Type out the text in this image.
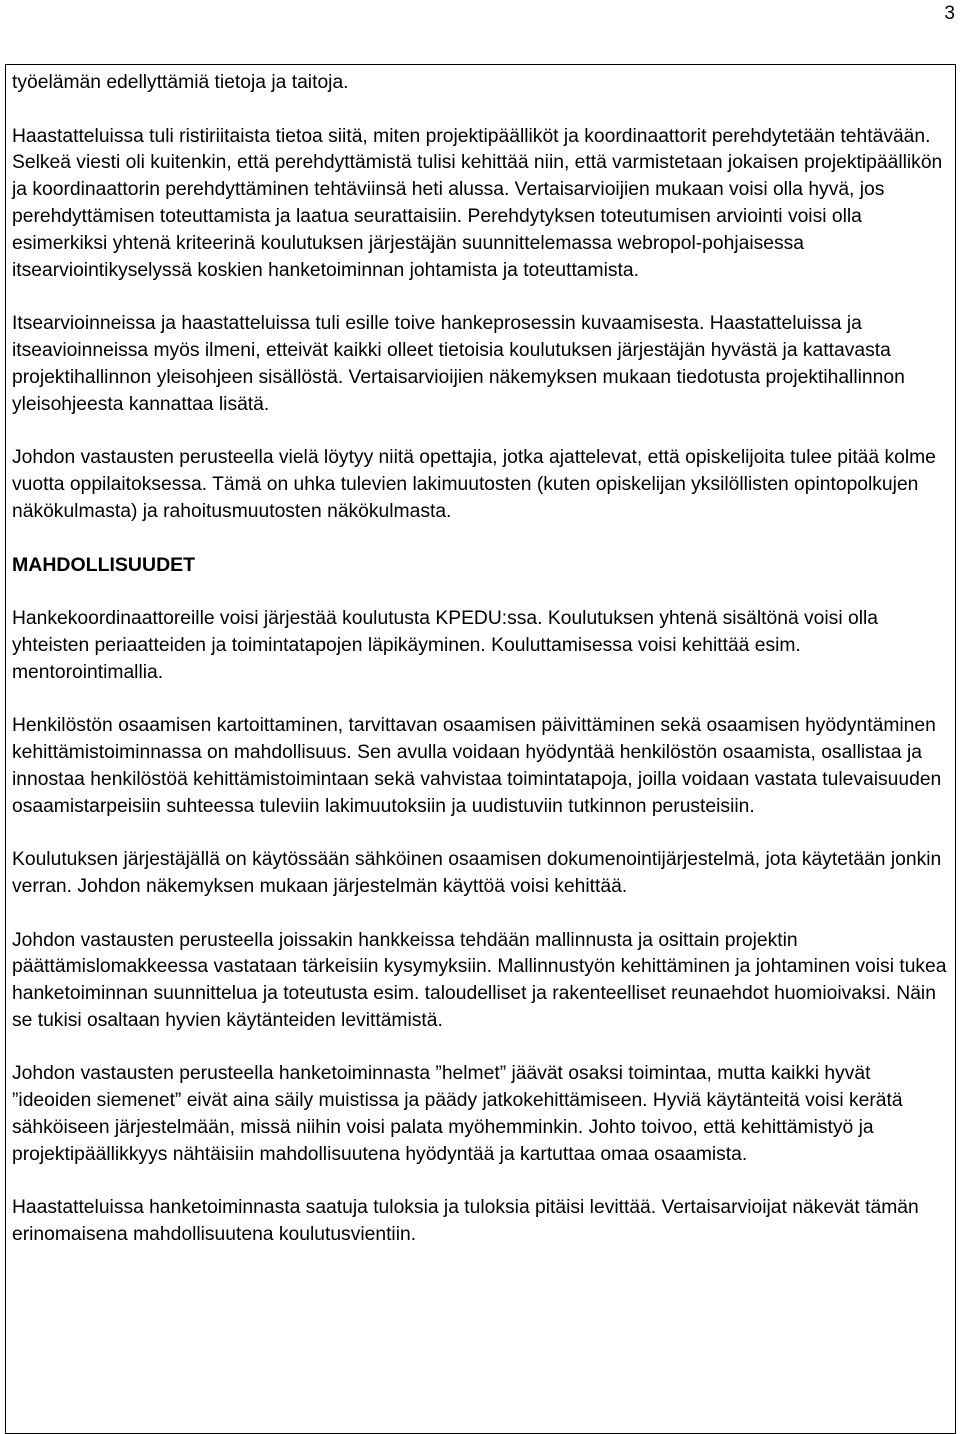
3

työelämän edellyttämiä tietoja ja taitoja.

Haastatteluissa tuli ristiriitaista tietoa siitä, miten projektipäälliköt ja koordinaattorit perehdytetään tehtävään. Selkeä viesti oli kuitenkin, että perehdyttämistä tulisi kehittää niin, että varmistetaan jokaisen projektipäällikön ja koordinaattorin perehdyttäminen tehtäviinsä heti alussa. Vertaisarvioijien mukaan voisi olla hyvä, jos perehdyttämisen toteuttamista ja laatua seurattaisiin. Perehdytyksen toteutumisen arviointi voisi olla esimerkiksi yhtenä kriteerinä koulutuksen järjestäjän suunnittelemassa webropol-pohjaisessa itsearviointikyselyssä koskien hanketoiminnan johtamista ja toteuttamista.

Itsearvioinneissa ja haastatteluissa tuli esille toive hankeprosessin kuvaamisesta. Haastatteluissa ja itseavioinneissa myös ilmeni, etteivät kaikki olleet tietoisia koulutuksen järjestäjän hyvästä ja kattavasta projektihallinnon yleisohjeen sisällöstä. Vertaisarvioijien näkemyksen mukaan tiedotusta projektihallinnon yleisohjeesta kannattaa lisätä.

Johdon vastausten perusteella vielä löytyy niitä opettajia, jotka ajattelevat, että opiskelijoita tulee pitää kolme vuotta oppilaitoksessa. Tämä on uhka tulevien lakimuutosten (kuten opiskelijan yksilöllisten opintopolkujen näkökulmasta) ja rahoitusmuutosten näkökulmasta.

MAHDOLLISUUDET

Hankekoordinaattoreille voisi järjestää koulutusta KPEDU:ssa. Koulutuksen yhtenä sisältönä voisi olla yhteisten periaatteiden ja toimintatapojen läpikäyminen. Kouluttamisessa voisi kehittää esim. mentorointimallia.

Henkilöstön osaamisen kartoittaminen, tarvittavan osaamisen päivittäminen sekä osaamisen hyödyntäminen kehittämistoiminnassa on mahdollisuus. Sen avulla voidaan hyödyntää henkilöstön osaamista, osallistaa ja innostaa henkilöstöä kehittämistoimintaan sekä vahvistaa toimintatapoja, joilla voidaan vastata tulevaisuuden osaamistarpeisiin suhteessa tuleviin lakimuutoksiin ja uudistuviin tutkinnon perusteisiin.

Koulutuksen järjestäjällä on käytössään sähköinen osaamisen dokumenointijärjestelmä, jota käytetään jonkin verran. Johdon näkemyksen mukaan järjestelmän käyttöä voisi kehittää.

Johdon vastausten perusteella joissakin hankkeissa tehdään mallinnusta ja osittain projektin päättämislomakkeessa vastataan tärkeisiin kysymyksiin. Mallinnustyön kehittäminen ja johtaminen voisi tukea hanketoiminnan suunnittelua ja toteutusta esim. taloudelliset ja rakenteelliset reunaehdot huomioivaksi. Näin se tukisi osaltaan hyvien käytänteiden levittämistä.

Johdon vastausten perusteella hanketoiminnasta ”helmet” jäävät osaksi toimintaa, mutta kaikki hyvät ”ideoiden siemenet” eivät aina säily muistissa ja päädy jatkokehittämiseen. Hyviä käytänteitä voisi kerätä sähköiseen järjestelmään, missä niihin voisi palata myöhemminkin. Johto toivoo, että kehittämistyö ja projektipäällikkyys nähtäisiin mahdollisuutena hyödyntää ja kartuttaa omaa osaamista.

Haastatteluissa hanketoiminnasta saatuja tuloksia ja tuloksia pitäisi levittää. Vertaisarvioijat näkevät tämän erinomaisena mahdollisuutena koulutusvientiin.
